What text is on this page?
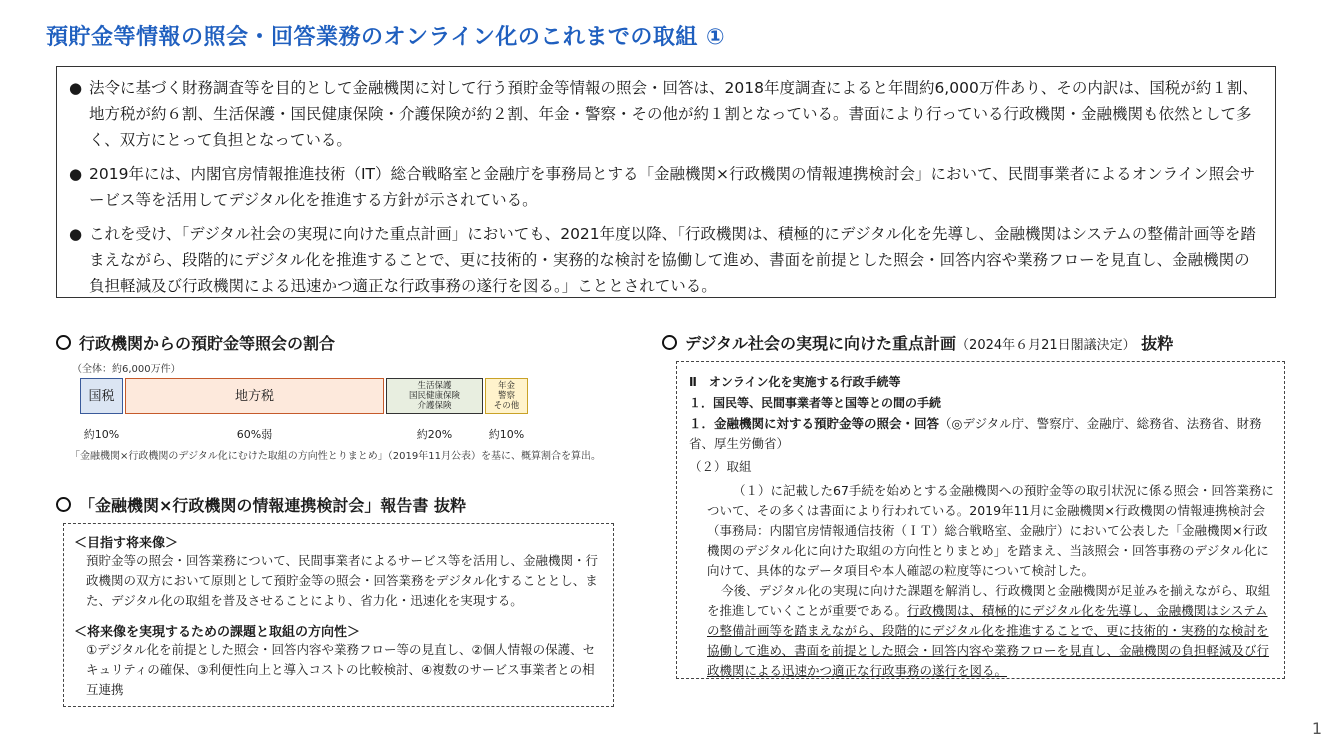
預貯金等情報の照会・回答業務のオンライン化のこれまでの取組 ①
● 法令に基づく財務調査等を目的として金融機関に対して行う預貯金等情報の照会・回答は、2018年度調査によると年間約6,000万件あり、その内訳は、国税が約１割、地方税が約６割、生活保護・国民健康保険・介護保険が約２割、年金・警察・その他が約１割となっている。書面により行っている行政機関・金融機関も依然として多く、双方にとって負担となっている。
● 2019年には、内閣官房情報推進技術（IT）総合戦略室と金融庁を事務局とする「金融機関×行政機関の情報連携検討会」において、民間事業者によるオンライン照会サービス等を活用してデジタル化を推進する方針が示されている。
● これを受け、「デジタル社会の実現に向けた重点計画」においても、2021年度以降、「行政機関は、積極的にデジタル化を先導し、金融機関はシステムの整備計画等を踏まえながら、段階的にデジタル化を推進することで、更に技術的・実務的な検討を協働して進め、書面を前提とした照会・回答内容や業務フローを見直し、金融機関の負担軽減及び行政機関による迅速かつ適正な行政事務の遂行を図る。」こととされている。
行政機関からの預貯金等照会の割合
（全体：約6,000万件）
国税	地方税
生活保護
国民健康保険
介護保険
年金
警察
その他
約10%	60%弱	約20%	約10%
「金融機関×行政機関のデジタル化にむけた取組の方向性とりまとめ」（2019年11月公表）を基に、概算割合を算出。
「金融機関×行政機関の情報連携検討会」報告書 抜粋
＜目指す将来像＞
預貯金等の照会・回答業務について、民間事業者によるサービス等を活用し、金融機関・行政機関の双方において原則として預貯金等の照会・回答業務をデジタル化することとし、また、デジタル化の取組を普及させることにより、省力化・迅速化を実現する。
＜将来像を実現するための課題と取組の方向性＞
①デジタル化を前提とした照会・回答内容や業務フロー等の見直し、②個人情報の保護、セキュリティの確保、③利便性向上と導入コストの比較検討、④複数のサービス事業者との相互連携
デジタル社会の実現に向けた重点計画（2024年６月21日閣議決定） 抜粋
Ⅱ　オンライン化を実施する行政手続等
１．国民等、民間事業者等と国等との間の手続
１．金融機関に対する預貯金等の照会・回答（◎デジタル庁、警察庁、金融庁、総務省、法務省、財務省、厚生労働省）
（２）取組
（１）に記載した67手続を始めとする金融機関への預貯金等の取引状況に係る照会・回答業務について、その多くは書面により行われている。2019年11月に金融機関×行政機関の情報連携検討会（事務局：内閣官房情報通信技術（ＩＴ）総合戦略室、金融庁）において公表した「金融機関×行政機関のデジタル化に向けた取組の方向性とりまとめ」を踏まえ、当該照会・回答事務のデジタル化に向けて、具体的なデータ項目や本人確認の粒度等について検討した。
今後、デジタル化の実現に向けた課題を解消し、行政機関と金融機関が足並みを揃えながら、取組を推進していくことが重要である。行政機関は、積極的にデジタル化を先導し、金融機関はシステムの整備計画等を踏まえながら、段階的にデジタル化を推進することで、更に技術的・実務的な検討を協働して進め、書面を前提とした照会・回答内容や業務フローを見直し、金融機関の負担軽減及び行政機関による迅速かつ適正な行政事務の遂行を図る。
1
